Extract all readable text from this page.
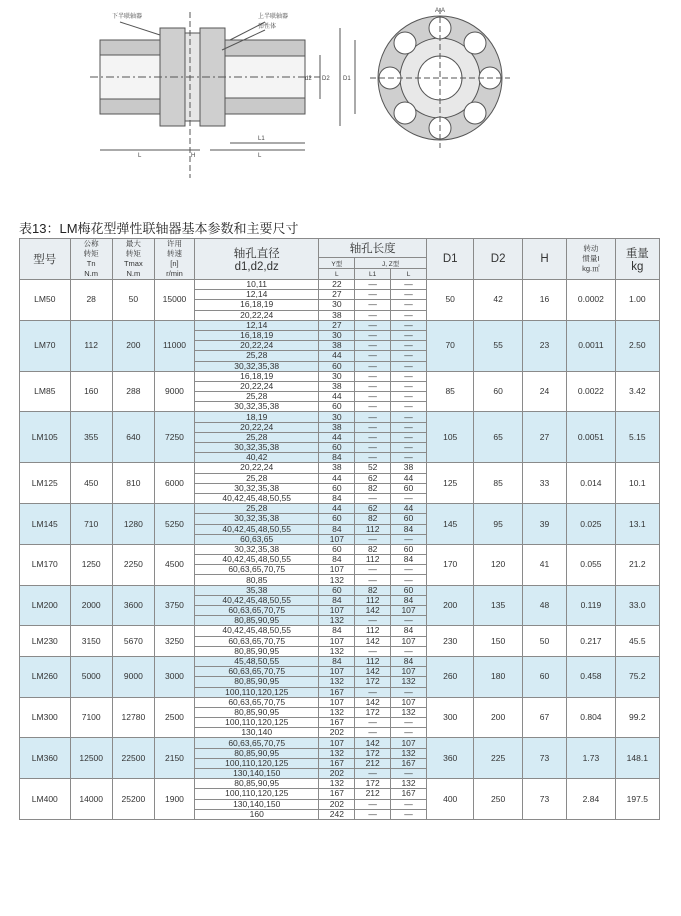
下半联轴器	上半联轴器
弹性体
L	H
L1
L
D2 D1
d2
A-A
表13：LM梅花型弹性联轴器基本参数和主要尺寸
型号	公称
转矩
Tn
N.m	最大
转矩
Tmax
N.m	许用
转速
[n]
r/min	轴孔直径
d1,d2,dz	轴孔长度			D1	D2	H	转动
惯量I
kg.㎡	重量
kg
					Y型	J, Z型						
					L	L1	L					
LM50	28	50	15000	10,11	22	—	—	50	42	16	0.0002	1.00
				12,14	27	—	—					
				16,18,19	30	—	—					
				20,22,24	38	—	—					
LM70	112	200	11000	12,14	27	—	—	70	55	23	0.0011	2.50
				16,18,19	30	—	—					
				20,22,24	38	—	—					
				25,28	44	—	—					
				30,32,35,38	60	—	—					
LM85	160	288	9000	16,18,19	30	—	—	85	60	24	0.0022	3.42
				20,22,24	38	—	—					
				25,28	44	—	—					
				30,32,35,38	60	—	—					
LM105	355	640	7250	18,19	30	—	—	105	65	27	0.0051	5.15
				20,22,24	38	—	—					
				25,28	44	—	—					
				30,32,35,38	60	—	—					
				40,42	84	—	—					
LM125	450	810	6000	20,22,24	38	52	38	125	85	33	0.014	10.1
				25,28	44	62	44					
				30,32,35,38	60	82	60					
				40,42,45,48,50,55	84	—	—					
LM145	710	1280	5250	25,28	44	62	44	145	95	39	0.025	13.1
				30,32,35,38	60	82	60					
				40,42,45,48,50,55	84	112	84					
				60,63,65	107	—	—					
LM170	1250	2250	4500	30,32,35,38	60	82	60	170	120	41	0.055	21.2
				40,42,45,48,50,55	84	112	84					
				60,63,65,70,75	107	—	—					
				80,85	132	—	—					
LM200	2000	3600	3750	35,38	60	82	60	200	135	48	0.119	33.0
				40,42,45,48,50,55	84	112	84					
				60,63,65,70,75	107	142	107					
				80,85,90,95	132	—	—					
LM230	3150	5670	3250	40,42,45,48,50,55	84	112	84	230	150	50	0.217	45.5
				60,63,65,70,75	107	142	107					
				80,85,90,95	132	—	—					
LM260	5000	9000	3000	45,48,50,55	84	112	84	260	180	60	0.458	75.2
				60,63,65,70,75	107	142	107					
				80,85,90,95	132	172	132					
				100,110,120,125	167	—	—					
LM300	7100	12780	2500	60,63,65,70,75	107	142	107	300	200	67	0.804	99.2
				80,85,90,95	132	172	132					
				100,110,120,125	167	—	—					
				130,140	202	—	—					
LM360	12500	22500	2150	60,63,65,70,75	107	142	107	360	225	73	1.73	148.1
				80,85,90,95	132	172	132					
				100,110,120,125	167	212	167					
				130,140,150	202	—	—					
LM400	14000	25200	1900	80,85,90,95	132	172	132	400	250	73	2.84	197.5
				100,110,120,125	167	212	167					
				130,140,150	202	—	—					
				160	242	—	—					
